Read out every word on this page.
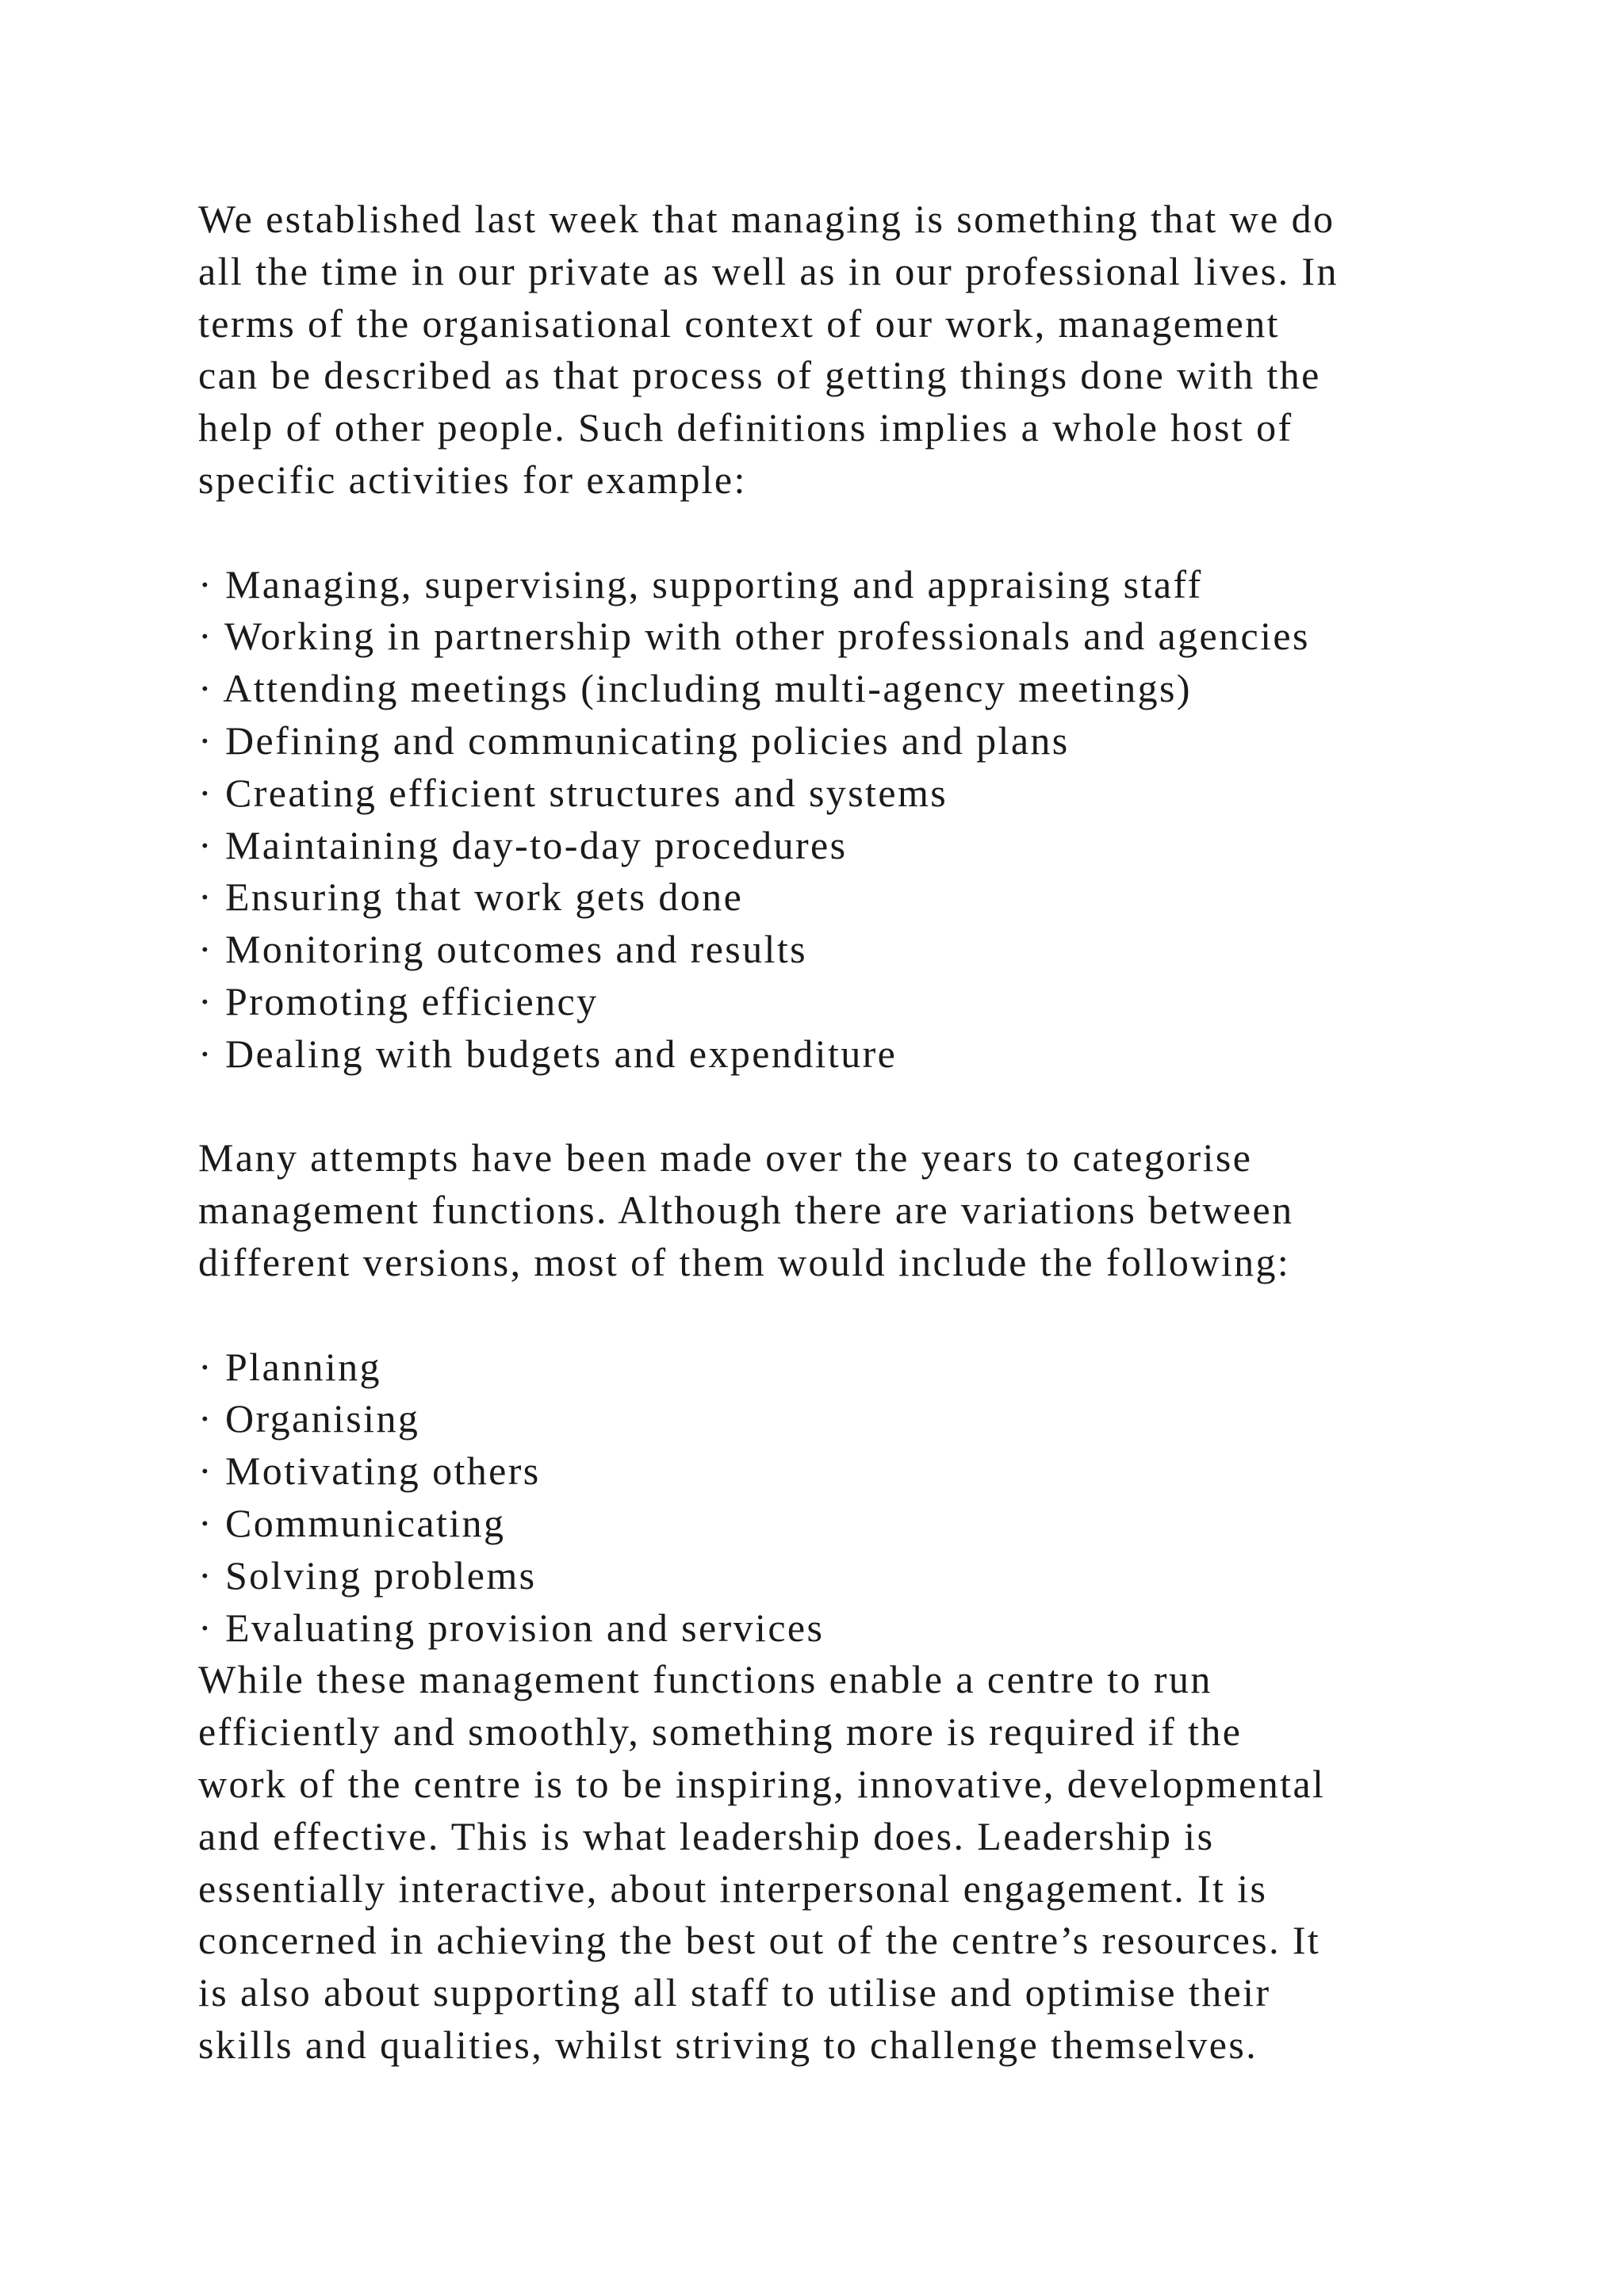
We established last week that managing is something that we do
all the time in our private as well as in our professional lives. In
terms of the organisational context of our work, management
can be described as that process of getting things done with the
help of other people. Such definitions implies a whole host of
specific activities for example:
· Managing, supervising, supporting and appraising staff
· Working in partnership with other professionals and agencies
· Attending meetings (including multi-agency meetings)
· Defining and communicating policies and plans
· Creating efficient structures and systems
· Maintaining day-to-day procedures
· Ensuring that work gets done
· Monitoring outcomes and results
· Promoting efficiency
· Dealing with budgets and expenditure
Many attempts have been made over the years to categorise
management functions. Although there are variations between
different versions, most of them would include the following:
· Planning
· Organising
· Motivating others
· Communicating
· Solving problems
· Evaluating provision and services
While these management functions enable a centre to run
efficiently and smoothly, something more is required if the
work of the centre is to be inspiring, innovative, developmental
and effective. This is what leadership does. Leadership is
essentially interactive, about interpersonal engagement. It is
concerned in achieving the best out of the centre’s resources. It
is also about supporting all staff to utilise and optimise their
skills and qualities, whilst striving to challenge themselves.
